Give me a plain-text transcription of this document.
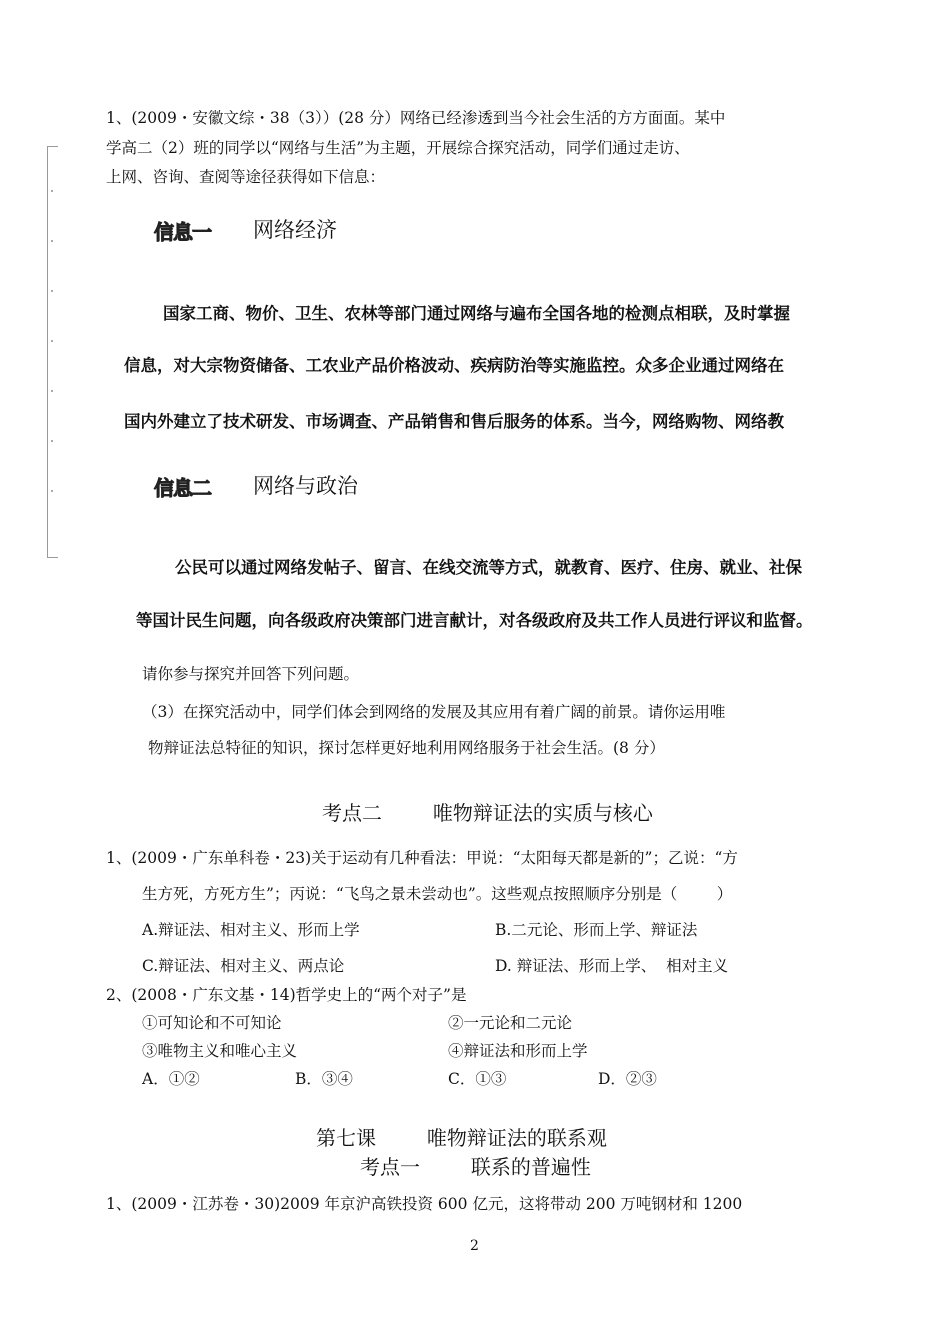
1、(2009・安徽文综・38（3））(28 分）网络已经渗透到当今社会生活的方方面面。某中
学高二（2）班的同学以“网络与生活”为主题，开展综合探究活动，同学们通过走访、
上网、咨询、查阅等途径获得如下信息：
信息一 网络经济
国家工商、物价、卫生、农林等部门通过网络与遍布全国各地的检测点相联，及时掌握
信息，对大宗物资储备、工农业产品价格波动、疾病防治等实施监控。众多企业通过网络在
国内外建立了技术研发、市场调查、产品销售和售后服务的体系。当今，网络购物、网络教
信息二 网络与政治
公民可以通过网络发帖子、留言、在线交流等方式，就教育、医疗、住房、就业、社保
等国计民生问题，向各级政府决策部门进言献计，对各级政府及共工作人员进行评议和监督。
请你参与探究并回答下列问题。
（3）在探究活动中，同学们体会到网络的发展及其应用有着广阔的前景。请你运用唯
物辩证法总特征的知识，探讨怎样更好地利用网络服务于社会生活。(8 分）
考点二        唯物辩证法的实质与核心
1、(2009・广东单科卷・23)关于运动有几种看法：甲说：“太阳每天都是新的”；乙说：“方
生方死，方死方生”；丙说：“飞鸟之景未尝动也”。这些观点按照顺序分别是（        ）
A.辩证法、相对主义、形而上学	B.二元论、形而上学、辩证法
C.辩证法、相对主义、两点论	D. 辩证法、形而上学、  相对主义
2、(2008・广东文基・14)哲学史上的“两个对子”是
①可知论和不可知论	②一元论和二元论
③唯物主义和唯心主义	④辩证法和形而上学
A．①②	B．③④	C．①③	D．②③
第七课        唯物辩证法的联系观
考点一        联系的普遍性
1、(2009・江苏卷・30)2009 年京沪高铁投资 600 亿元，这将带动 200 万吨钢材和 1200
2
